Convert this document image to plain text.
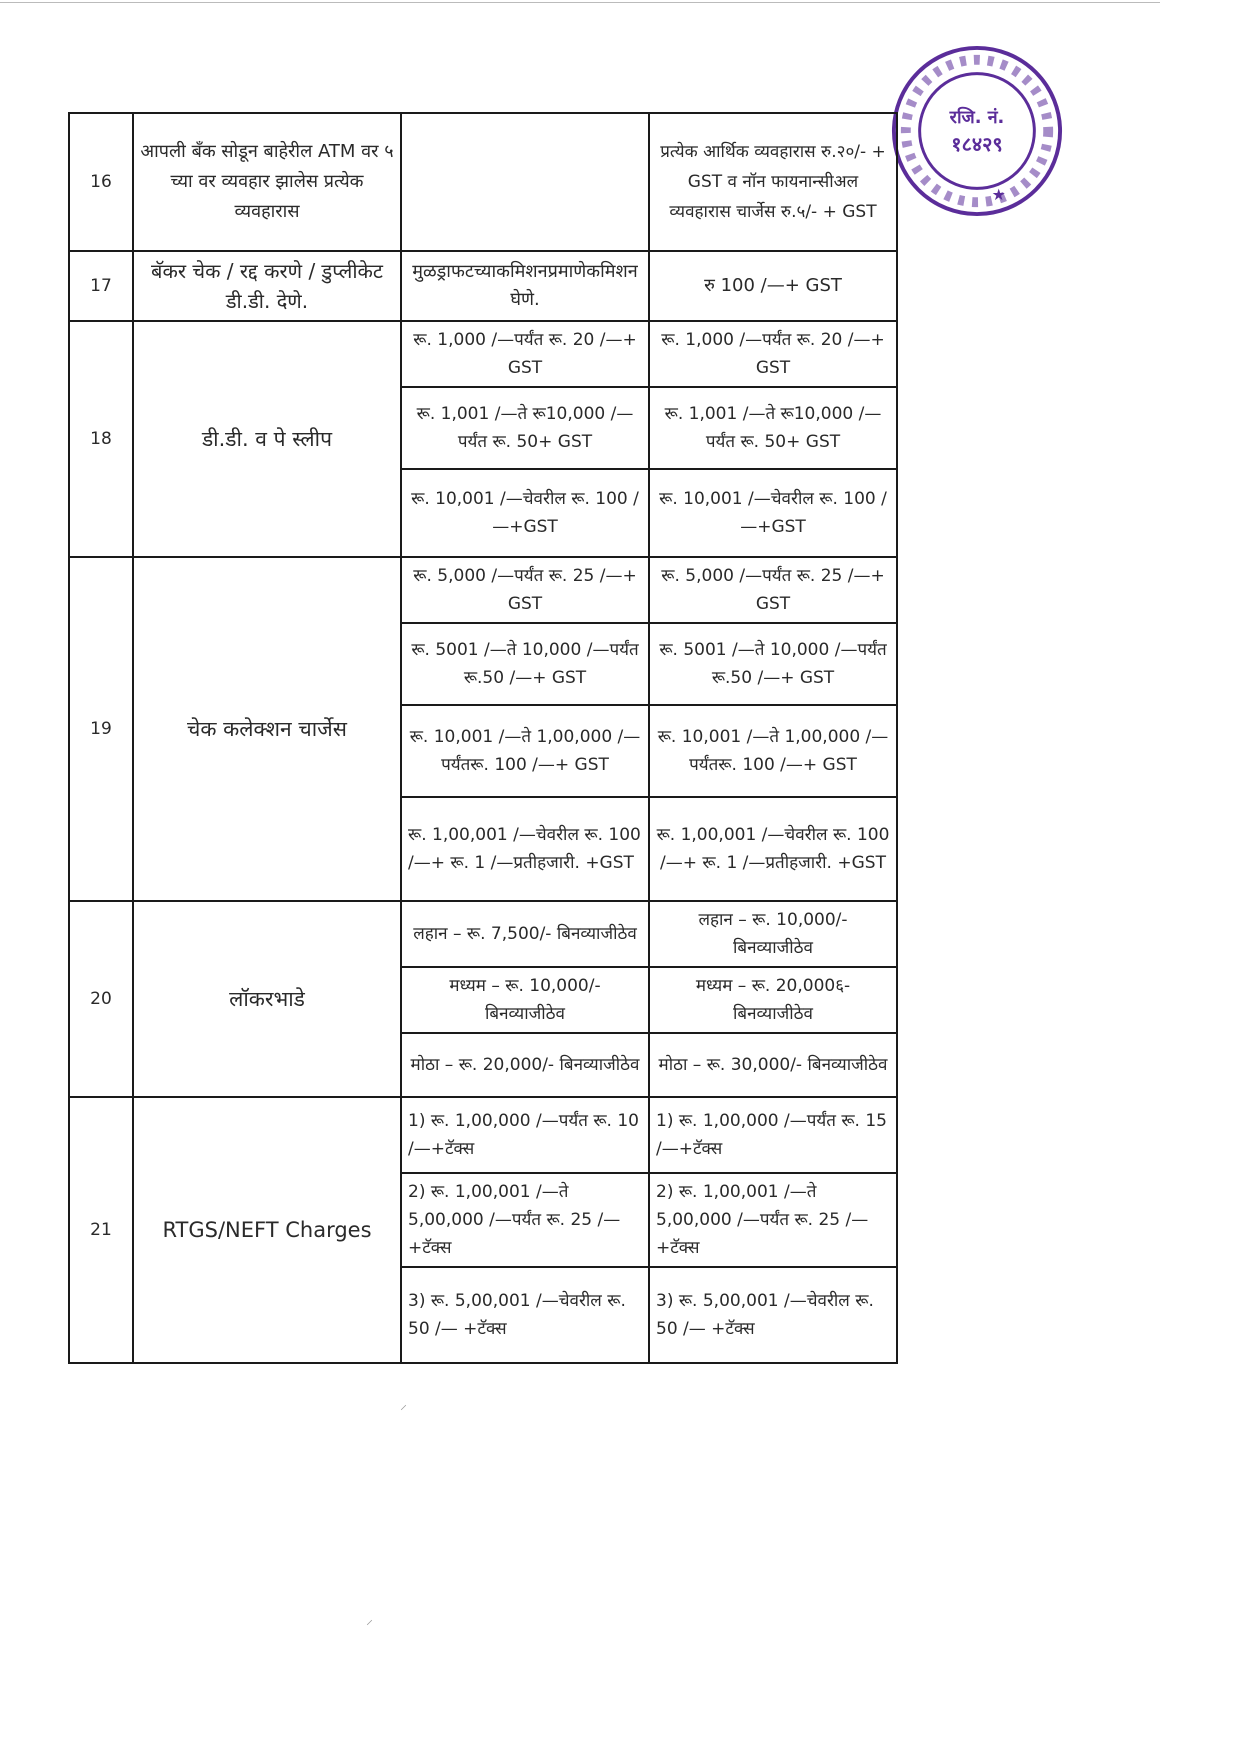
रजि. नं.
१८४२९
★
16	आपली बँक सोडून बाहेरील ATM वर ५ च्या वर व्यवहार झालेस प्रत्येक व्यवहारास		प्रत्येक आर्थिक व्यवहारास रु.२०/- + GST व नॉन फायनान्सीअल व्यवहारास चार्जेस रु.५/- + GST
17	बॅकर चेक / रद्द करणे / डुप्लीकेट डी.डी. देणे.	मुळड्राफटच्याकमिशनप्रमाणेकमिशन घेणे.	रु 100 /—+ GST
18	डी.डी. व पे स्लीप	रू. 1,000 /—पर्यंत रू. 20 /—+ GST	रू. 1,000 /—पर्यंत रू. 20 /—+ GST
		रू. 1,001 /—ते रू10,000 /—पर्यंत रू. 50+ GST	रू. 1,001 /—ते रू10,000 /—पर्यंत रू. 50+ GST
		रू. 10,001 /—चेवरील रू. 100 /—+GST	रू. 10,001 /—चेवरील रू. 100 /—+GST
19	चेक कलेक्शन चार्जेस	रू. 5,000 /—पर्यंत रू. 25 /—+ GST	रू. 5,000 /—पर्यंत रू. 25 /—+ GST
		रू. 5001 /—ते 10,000 /—पर्यंत रू.50 /—+ GST	रू. 5001 /—ते 10,000 /—पर्यंत रू.50 /—+ GST
		रू. 10,001 /—ते 1,00,000 /—पर्यंतरू. 100 /—+ GST	रू. 10,001 /—ते 1,00,000 /—पर्यंतरू. 100 /—+ GST
		रू. 1,00,001 /—चेवरील रू. 100 /—+ रू. 1 /—प्रतीहजारी. +GST	रू. 1,00,001 /—चेवरील रू. 100 /—+ रू. 1 /—प्रतीहजारी. +GST
20	लॉकरभाडे	लहान – रू. 7,500/- बिनव्याजीठेव	लहान – रू. 10,000/- बिनव्याजीठेव
		मध्यम – रू. 10,000/- बिनव्याजीठेव	मध्यम – रू. 20,000६- बिनव्याजीठेव
		मोठा – रू. 20,000/- बिनव्याजीठेव	मोठा – रू. 30,000/- बिनव्याजीठेव
21	RTGS/NEFT Charges	1) रू. 1,00,000 /—पर्यंत रू. 10 /—+टॅक्स	1) रू. 1,00,000 /—पर्यंत रू. 15 /—+टॅक्स
		2) रू. 1,00,001 /—ते 5,00,000 /—पर्यंत रू. 25 /—+टॅक्स	2) रू. 1,00,001 /—ते 5,00,000 /—पर्यंत रू. 25 /—+टॅक्स
		3) रू. 5,00,001 /—चेवरील रू. 50 /— +टॅक्स	3) रू. 5,00,001 /—चेवरील रू. 50 /— +टॅक्स
⸝
⸝
